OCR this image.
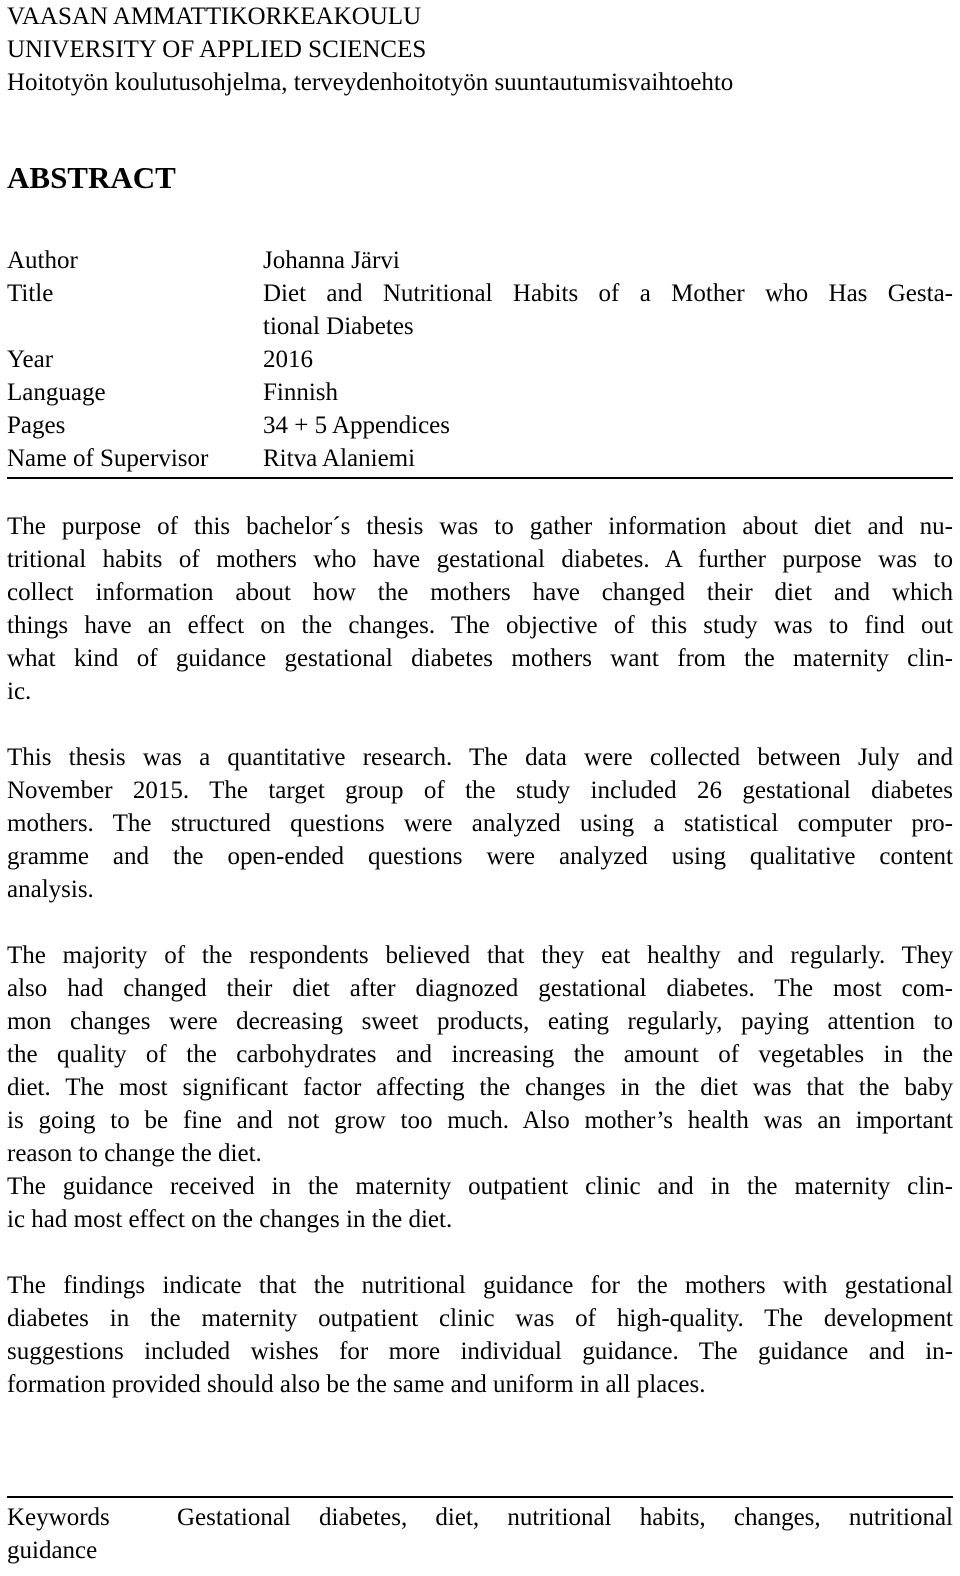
VAASAN AMMATTIKORKEAKOULU
UNIVERSITY OF APPLIED SCIENCES
Hoitotyön koulutusohjelma, terveydenhoitotyön suuntautumisvaihtoehto
ABSTRACT
Author	Johanna Järvi
Title	Diet and Nutritional Habits of a Mother who Has Gesta-
tional Diabetes
Year	2016
Language	Finnish
Pages	34 + 5 Appendices
Name of Supervisor	Ritva Alaniemi
The purpose of this bachelor´s thesis was to gather information about diet and nu-
tritional habits of mothers who have gestational diabetes. A further purpose was to
collect information about how the mothers have changed their diet and which
things have an effect on the changes. The objective of this study was to find out
what kind of guidance gestational diabetes mothers want from the maternity clin-
ic.
This thesis was a quantitative research. The data were collected between July and
November 2015. The target group of the study included 26 gestational diabetes
mothers. The structured questions were analyzed using a statistical computer pro-
gramme and the open-ended questions were analyzed using qualitative content
analysis.
The majority of the respondents believed that they eat healthy and regularly. They
also had changed their diet after diagnozed gestational diabetes. The most com-
mon changes were decreasing sweet products, eating regularly, paying attention to
the quality of the carbohydrates and increasing the amount of vegetables in the
diet. The most significant factor affecting the changes in the diet was that the baby
is going to be fine and not grow too much. Also mother’s health was an important
reason to change the diet.
The guidance received in the maternity outpatient clinic and in the maternity clin-
ic had most effect on the changes in the diet.
The findings indicate that the nutritional guidance for the mothers with gestational
diabetes in the maternity outpatient clinic was of high-quality. The development
suggestions included wishes for more individual guidance. The guidance and in-
formation provided should also be the same and uniform in all places.
Keywords	Gestational diabetes, diet, nutritional habits, changes, nutritional
guidance
